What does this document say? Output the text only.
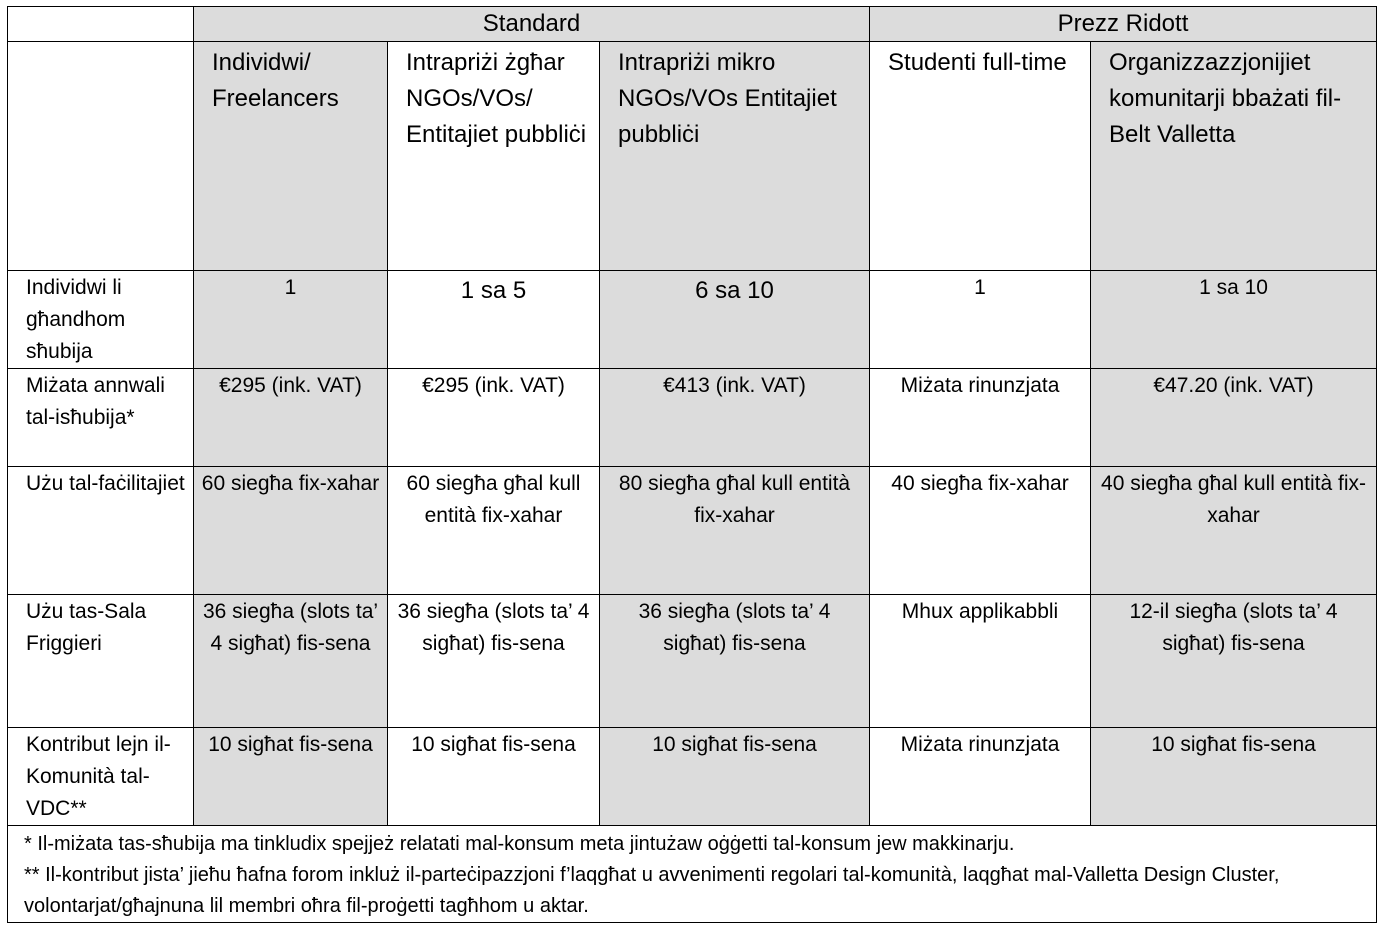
	Standard			Prezz Ridott	
	Individwi/ Freelancers	Intrapriżi żgħar NGOs/VOs/ Entitajiet pubbliċi	Intrapriżi mikro NGOs/VOs Entitajiet pubbliċi	Studenti full-time	Organizzazzjonijiet komunitarji bbażati fil-Belt Valletta
Individwi li għandhom sħubija	1	1 sa 5	6 sa 10	1	1 sa 10
Miżata annwali tal-isħubija*	€295 (ink. VAT)	€295 (ink. VAT)	€413 (ink. VAT)	Miżata rinunzjata	€47.20 (ink. VAT)
Użu tal-faċilitajiet	60 siegħa fix-xahar	60 siegħa għal kull entità fix-xahar	80 siegħa għal kull entità fix-xahar	40 siegħa fix-xahar	40 siegħa għal kull entità fix-xahar
Użu tas-Sala Friggieri	36 siegħa (slots ta’ 4 sigħat) fis-sena	36 siegħa (slots ta’ 4 sigħat) fis-sena	36 siegħa (slots ta’ 4 sigħat) fis-sena	Mhux applikabbli	12-il siegħa (slots ta’ 4 sigħat) fis-sena
Kontribut lejn il-Komunità tal-VDC**	10 sigħat fis-sena	10 sigħat fis-sena	10 sigħat fis-sena	Miżata rinunzjata	10 sigħat fis-sena

* Il-miżata tas-sħubija ma tinkludix spejjeż relatati mal-konsum meta jintużaw oġġetti tal-konsum jew makkinarju.
** Il-kontribut jista’ jieħu ħafna forom inkluż il-parteċipazzjoni f’laqgħat u avvenimenti regolari tal-komunità, laqgħat mal-Valletta Design Cluster, volontarjat/għajnuna lil membri oħra fil-proġetti tagħhom u aktar.					
